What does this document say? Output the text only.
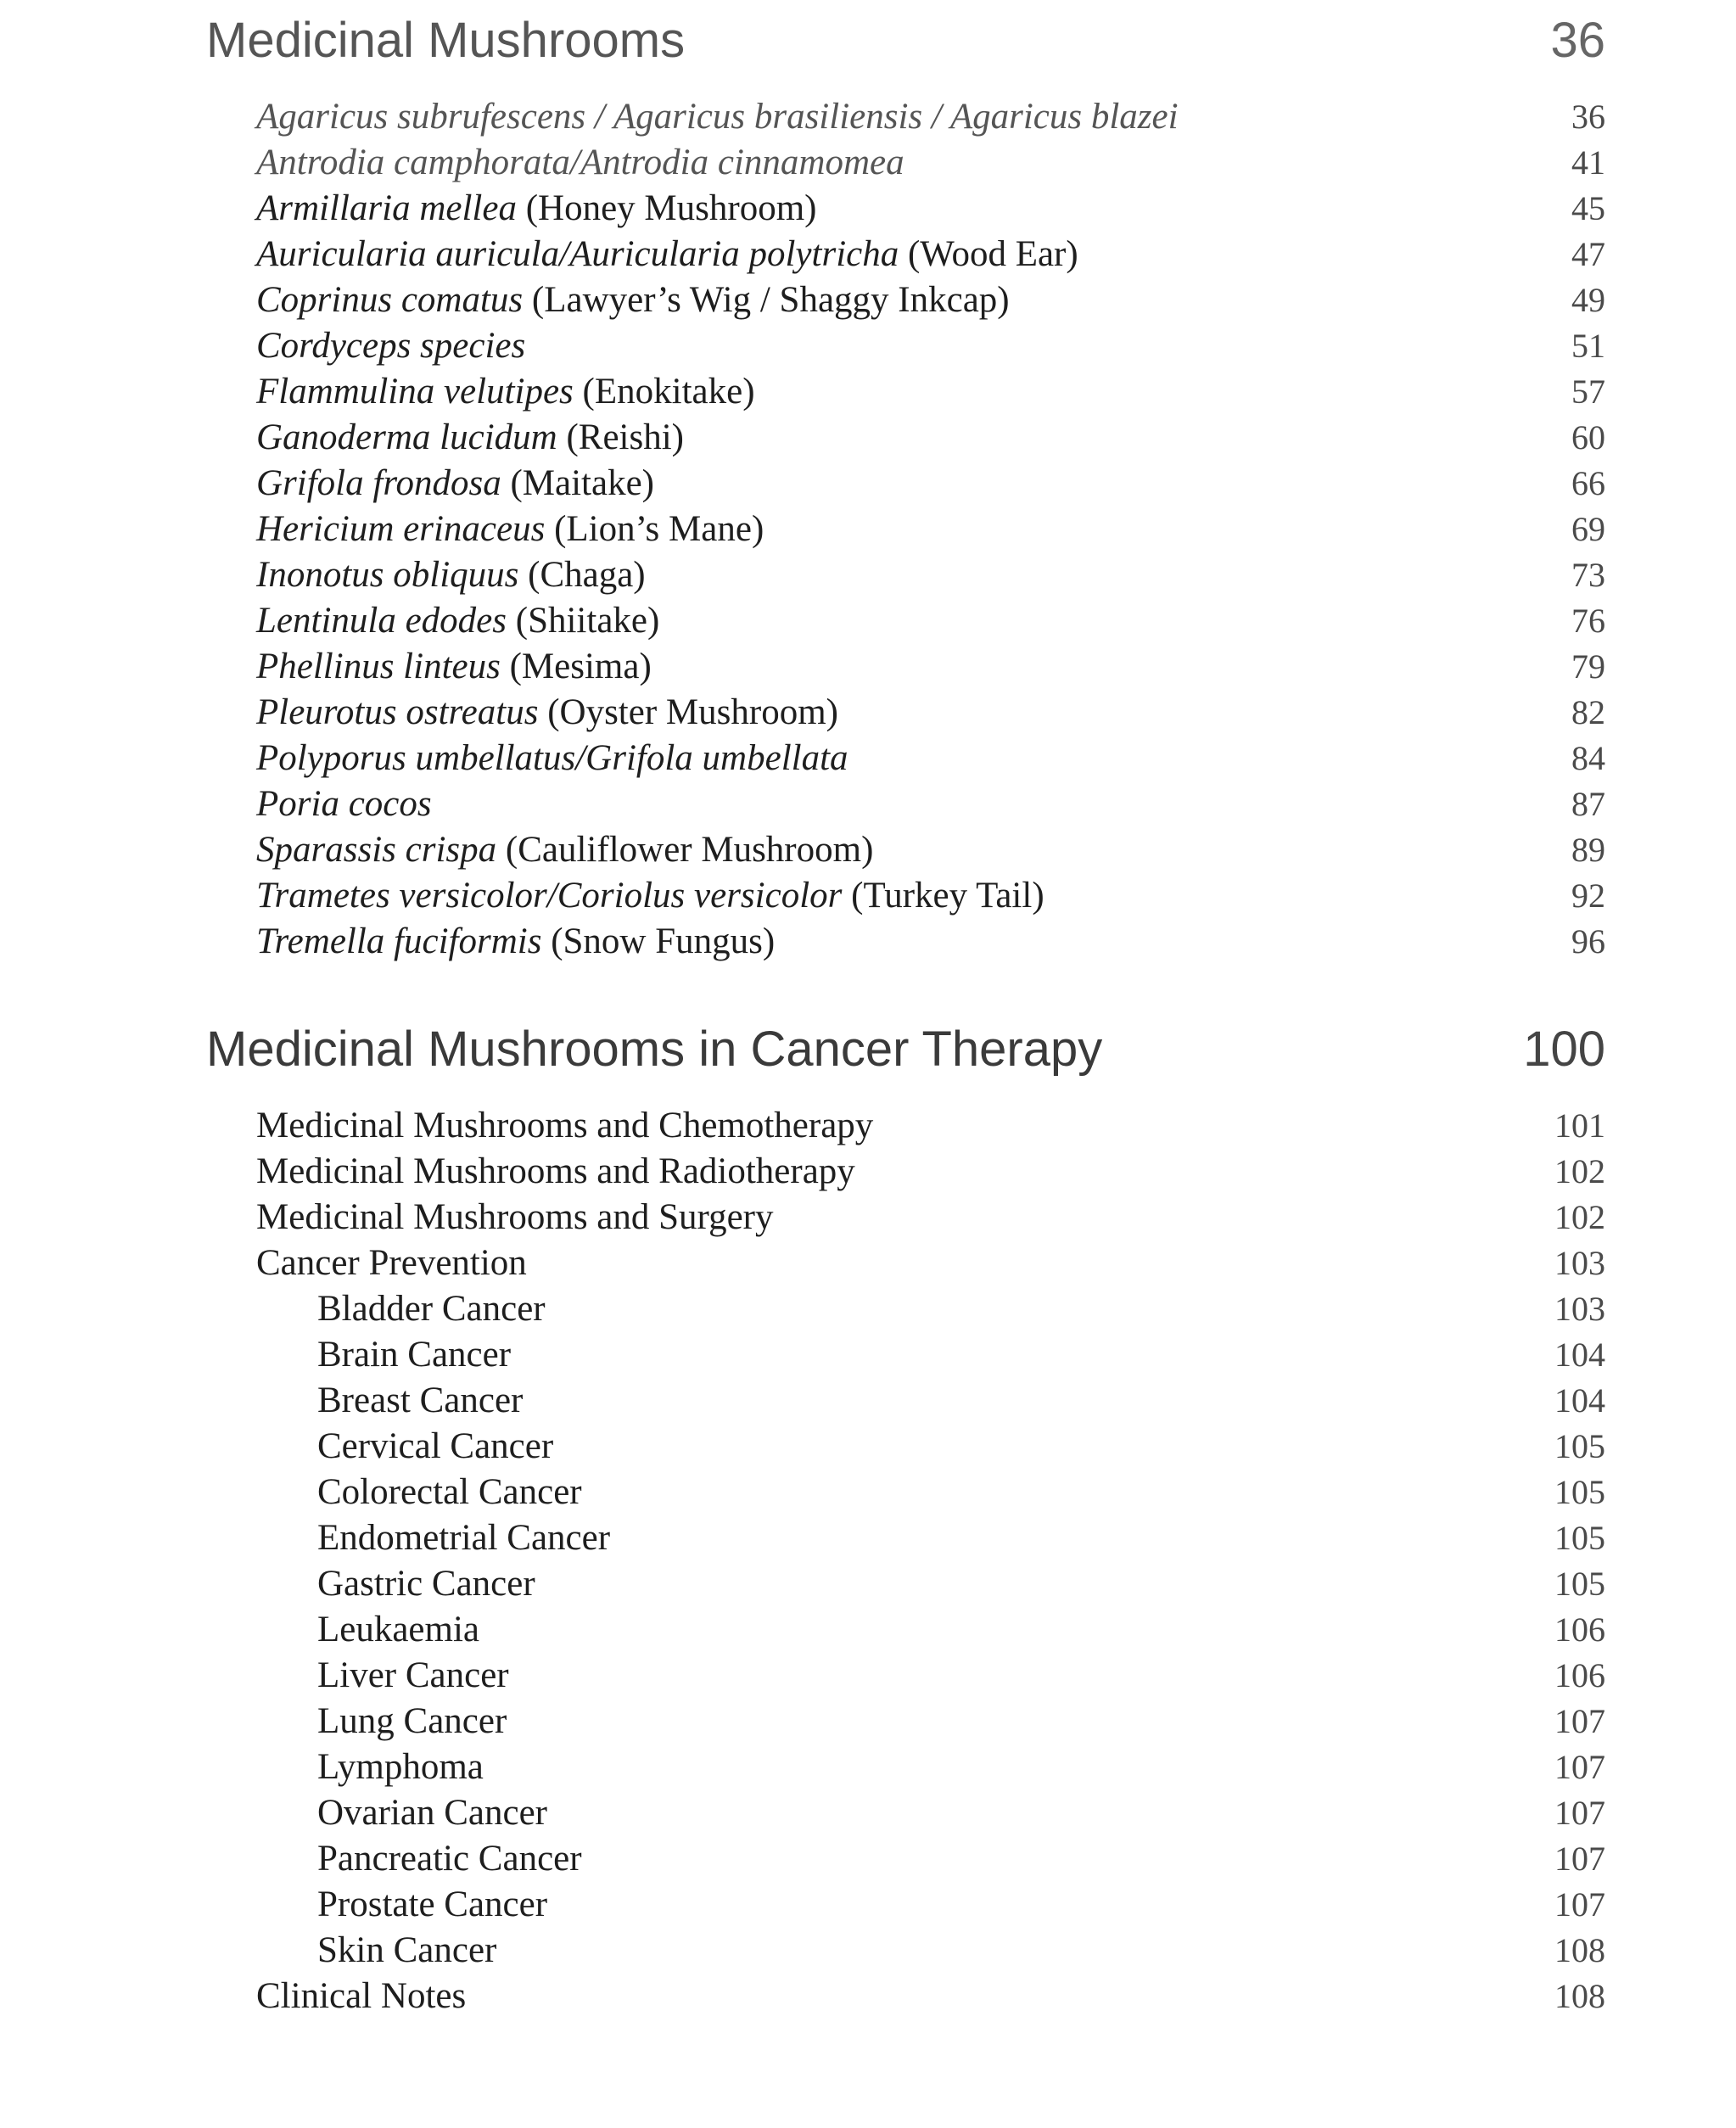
Medicinal Mushrooms	36
Agaricus subrufescens / Agaricus brasiliensis / Agaricus blazei	36
Antrodia camphorata/Antrodia cinnamomea	41
Armillaria mellea (Honey Mushroom)	45
Auricularia auricula/Auricularia polytricha (Wood Ear)	47
Coprinus comatus (Lawyer’s Wig / Shaggy Inkcap)	49
Cordyceps species	51
Flammulina velutipes (Enokitake)	57
Ganoderma lucidum (Reishi)	60
Grifola frondosa (Maitake)	66
Hericium erinaceus (Lion’s Mane)	69
Inonotus obliquus (Chaga)	73
Lentinula edodes (Shiitake)	76
Phellinus linteus (Mesima)	79
Pleurotus ostreatus (Oyster Mushroom)	82
Polyporus umbellatus/Grifola umbellata	84
Poria cocos	87
Sparassis crispa (Cauliflower Mushroom)	89
Trametes versicolor/Coriolus versicolor (Turkey Tail)	92
Tremella fuciformis (Snow Fungus)	96
Medicinal Mushrooms in Cancer Therapy	100
Medicinal Mushrooms and Chemotherapy	101
Medicinal Mushrooms and Radiotherapy	102
Medicinal Mushrooms and Surgery	102
Cancer Prevention	103
Bladder Cancer	103
Brain Cancer	104
Breast Cancer	104
Cervical Cancer	105
Colorectal Cancer	105
Endometrial Cancer	105
Gastric Cancer	105
Leukaemia	106
Liver Cancer	106
Lung Cancer	107
Lymphoma	107
Ovarian Cancer	107
Pancreatic Cancer	107
Prostate Cancer	107
Skin Cancer	108
Clinical Notes	108
